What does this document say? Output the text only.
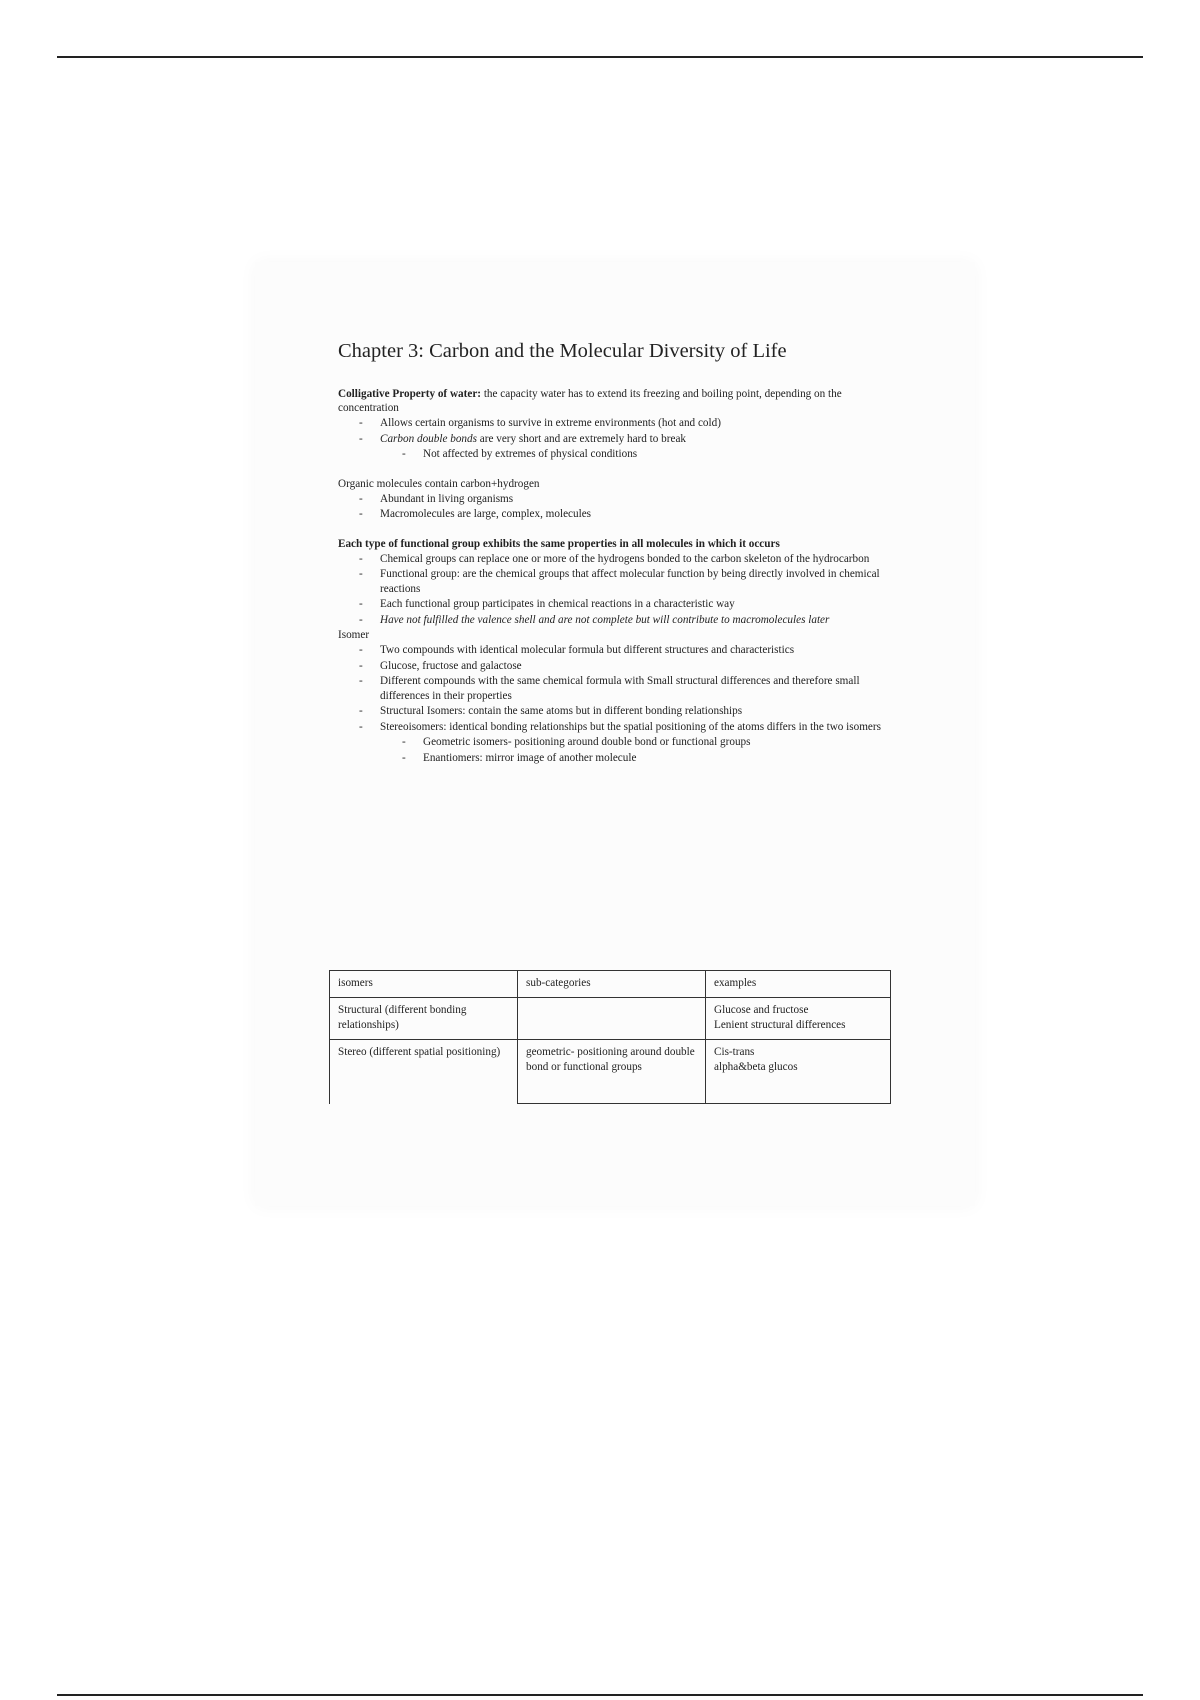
Chapter 3: Carbon and the Molecular Diversity of Life

Colligative Property of water: the capacity water has to extend its freezing and boiling point, depending on the concentration

- Allows certain organisms to survive in extreme environments (hot and cold)
- Carbon double bonds are very short and are extremely hard to break
- Not affected by extremes of physical conditions

Organic molecules contain carbon+hydrogen

- Abundant in living organisms
- Macromolecules are large, complex, molecules

Each type of functional group exhibits the same properties in all molecules in which it occurs

- Chemical groups can replace one or more of the hydrogens bonded to the carbon skeleton of the hydrocarbon
- Functional group: are the chemical groups that affect molecular function by being directly involved in chemical reactions
- Each functional group participates in chemical reactions in a characteristic way
- Have not fulfilled the valence shell and are not complete but will contribute to macromolecules later

Isomer

- Two compounds with identical molecular formula but different structures and characteristics
- Glucose, fructose and galactose
- Different compounds with the same chemical formula with Small structural differences and therefore small differences in their properties
- Structural Isomers: contain the same atoms but in different bonding relationships
- Stereoisomers: identical bonding relationships but the spatial positioning of the atoms differs in the two isomers
- Geometric isomers- positioning around double bond or functional groups
- Enantiomers: mirror image of another molecule
isomers	sub-categories	examples
Structural (different bonding relationships)		Glucose and fructose
Lenient structural differences
Stereo (different spatial positioning)	geometric- positioning around double bond or functional groups	Cis-trans
alpha&beta glucos
